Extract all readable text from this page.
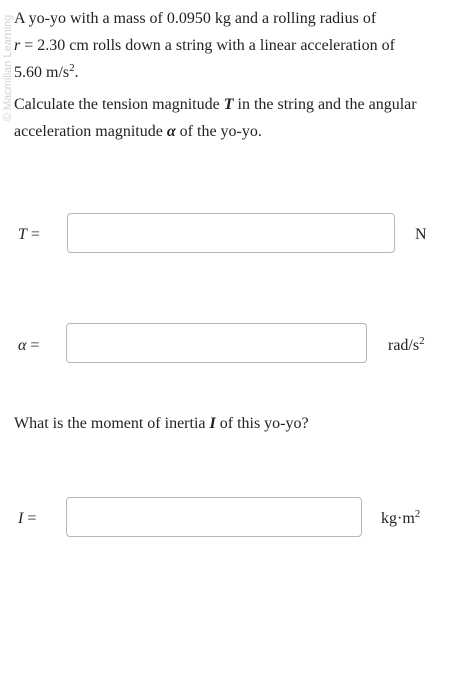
© Macmillan Learning A yo-yo with a mass of 0.0950 kg and a rolling radius of
r = 2.30 cm rolls down a string with a linear acceleration of
5.60 $m/s^2$.

Calculate the tension magnitude T in the string and the angular acceleration magnitude α of the yo-yo.

T =	N
α =	rad/$s^2$

What is the moment of inertia I of this yo-yo?

I =	$kg\cdot m^2$
